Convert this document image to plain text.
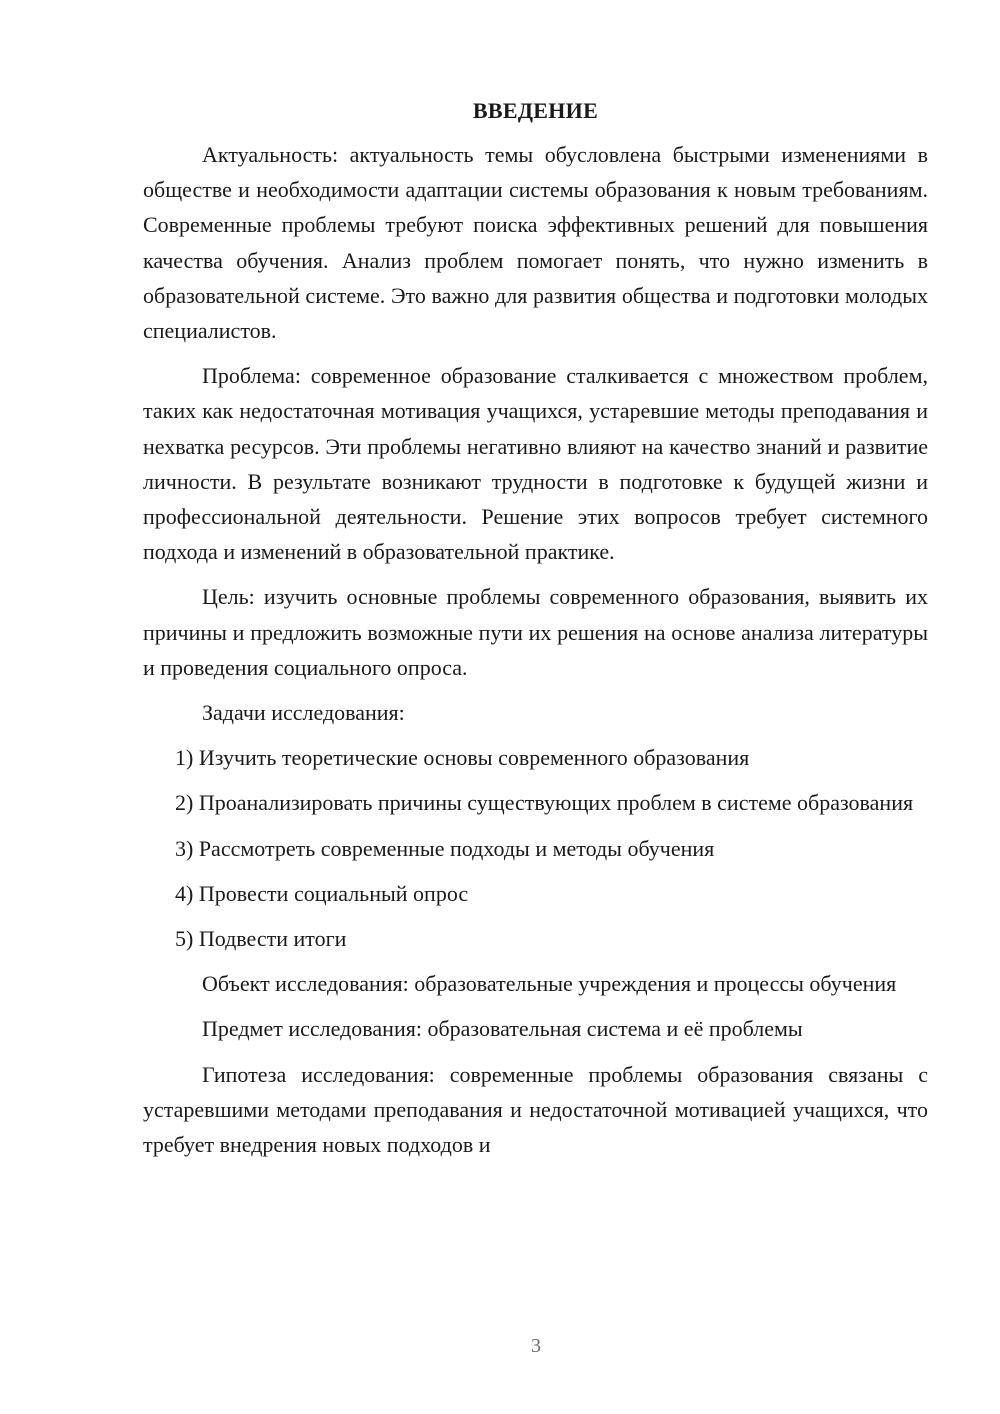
ВВЕДЕНИЕ

Актуальность: актуальность темы обусловлена быстрыми изменениями в обществе и необходимости адаптации системы образования к новым требованиям. Современные проблемы требуют поиска эффективных решений для повышения качества обучения. Анализ проблем помогает понять, что нужно изменить в образовательной системе. Это важно для развития общества и подготовки молодых специалистов.

Проблема: современное образование сталкивается с множеством проблем, таких как недостаточная мотивация учащихся, устаревшие методы преподавания и нехватка ресурсов. Эти проблемы негативно влияют на качество знаний и развитие личности. В результате возникают трудности в подготовке к будущей жизни и профессиональной деятельности. Решение этих вопросов требует системного подхода и изменений в образовательной практике.

Цель: изучить основные проблемы современного образования, выявить их причины и предложить возможные пути их решения на основе анализа литературы и проведения социального опроса.

Задачи исследования:

1) Изучить теоретические основы современного образования

2) Проанализировать причины существующих проблем в системе образования

3) Рассмотреть современные подходы и методы обучения

4) Провести социальный опрос

5) Подвести итоги

Объект исследования: образовательные учреждения и процессы обучения

Предмет исследования: образовательная система и её проблемы

Гипотеза исследования: современные проблемы образования связаны с устаревшими методами преподавания и недостаточной мотивацией учащихся, что требует внедрения новых подходов и

3
